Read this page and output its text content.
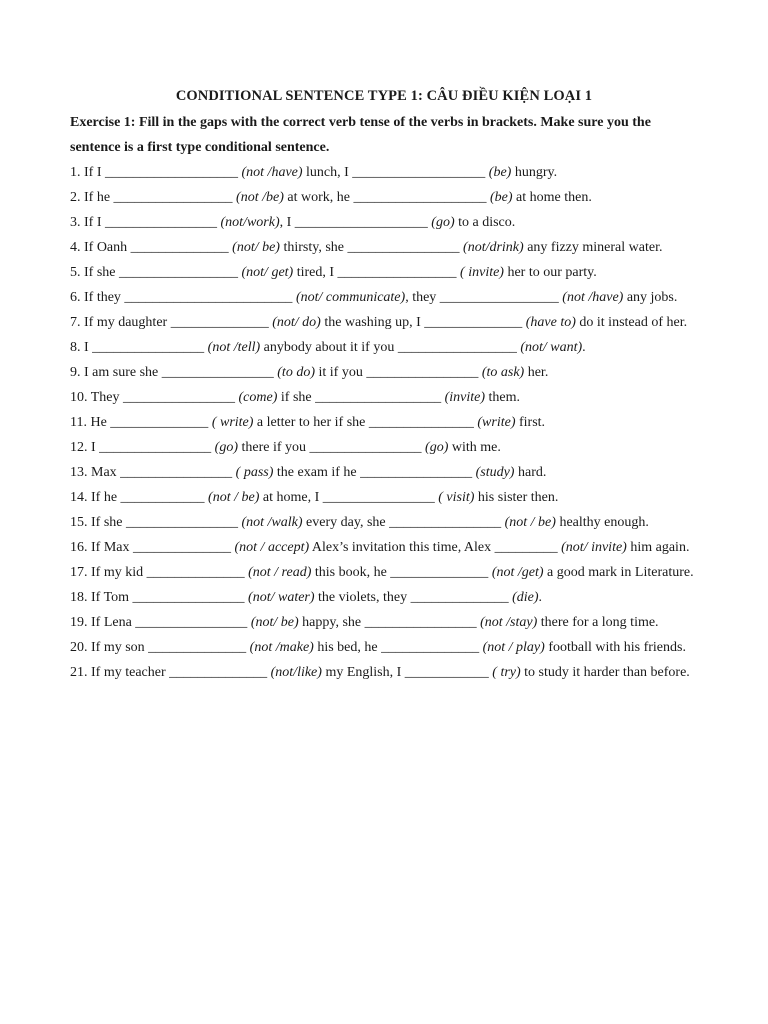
CONDITIONAL SENTENCE TYPE 1: CÂU ĐIỀU KIỆN LOẠI 1

Exercise 1: Fill in the gaps with the correct verb tense of the verbs in brackets. Make sure you the sentence is a first type conditional sentence.

1. If I ___________________ (not /have) lunch, I ___________________ (be) hungry.

2. If he _________________ (not /be) at work, he ___________________ (be) at home then.

3. If I ________________ (not/work), I ___________________ (go) to a disco.

4. If Oanh ______________ (not/ be) thirsty, she ________________ (not/drink) any fizzy mineral water.

5. If she _________________ (not/ get) tired, I _________________ ( invite) her to our party.

6. If they ________________________ (not/ communicate), they _________________ (not /have) any jobs.

7. If my daughter ______________ (not/ do) the washing up, I ______________ (have to) do it instead of her.

8. I ________________ (not /tell) anybody about it if you _________________ (not/ want).

9. I am sure she ________________ (to do) it if you ________________ (to ask) her.

10. They ________________ (come) if she __________________ (invite) them.

11. He ______________ ( write) a letter to her if she _______________ (write) first.

12. I ________________ (go) there if you ________________ (go) with me.

13. Max ________________ ( pass) the exam if he ________________ (study) hard.

14. If he ____________ (not / be) at home, I ________________ ( visit) his sister then.

15. If she ________________ (not /walk) every day, she ________________ (not / be) healthy enough.

16. If Max ______________ (not / accept) Alex’s invitation this time, Alex _________ (not/ invite) him again.

17. If my kid ______________ (not / read) this book, he ______________ (not /get) a good mark in Literature.

18. If Tom ________________ (not/ water) the violets, they ______________ (die).

19. If Lena ________________ (not/ be) happy, she ________________ (not /stay) there for a long time.

20. If my son ______________ (not /make) his bed, he ______________ (not / play) football with his friends.

21. If my teacher ______________ (not/like) my English, I ____________ ( try) to study it harder than before.
